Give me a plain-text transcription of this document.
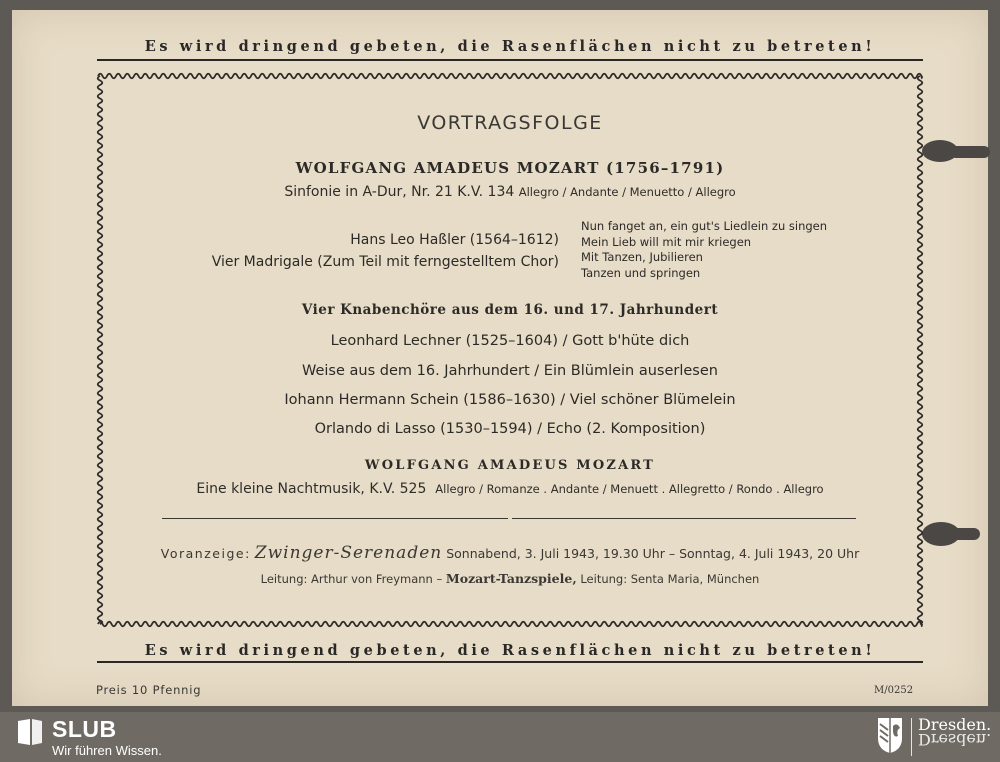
Es wird dringend gebeten, die Rasenflächen nicht zu betreten!
VORTRAGSFOLGE
WOLFGANG AMADEUS MOZART (1756–1791)
Sinfonie in A-Dur, Nr. 21 K.V. 134 Allegro / Andante / Menuetto / Allegro
Hans Leo Haßler (1564–1612)
Vier Madrigale (Zum Teil mit ferngestelltem Chor)
Nun fanget an, ein gut's Liedlein zu singen
Mein Lieb will mit mir kriegen
Mit Tanzen, Jubilieren
Tanzen und springen
Vier Knabenchöre aus dem 16. und 17. Jahrhundert
Leonhard Lechner (1525–1604) / Gott b'hüte dich
Weise aus dem 16. Jahrhundert / Ein Blümlein auserlesen
Iohann Hermann Schein (1586–1630) / Viel schöner Blümelein
Orlando di Lasso (1530–1594) / Echo (2. Komposition)
WOLFGANG AMADEUS MOZART
Eine kleine Nachtmusik, K.V. 525 Allegro / Romanze . Andante / Menuett . Allegretto / Rondo . Allegro
Voranzeige: Zwinger-Serenaden Sonnabend, 3. Juli 1943, 19.30 Uhr – Sonntag, 4. Juli 1943, 20 Uhr
Leitung: Arthur von Freymann – Mozart-Tanzspiele, Leitung: Senta Maria, München
Es wird dringend gebeten, die Rasenflächen nicht zu betreten!
Preis 10 Pfennig	M/0252
SLUB
Wir führen Wissen.
Dresden.
Dresden.
